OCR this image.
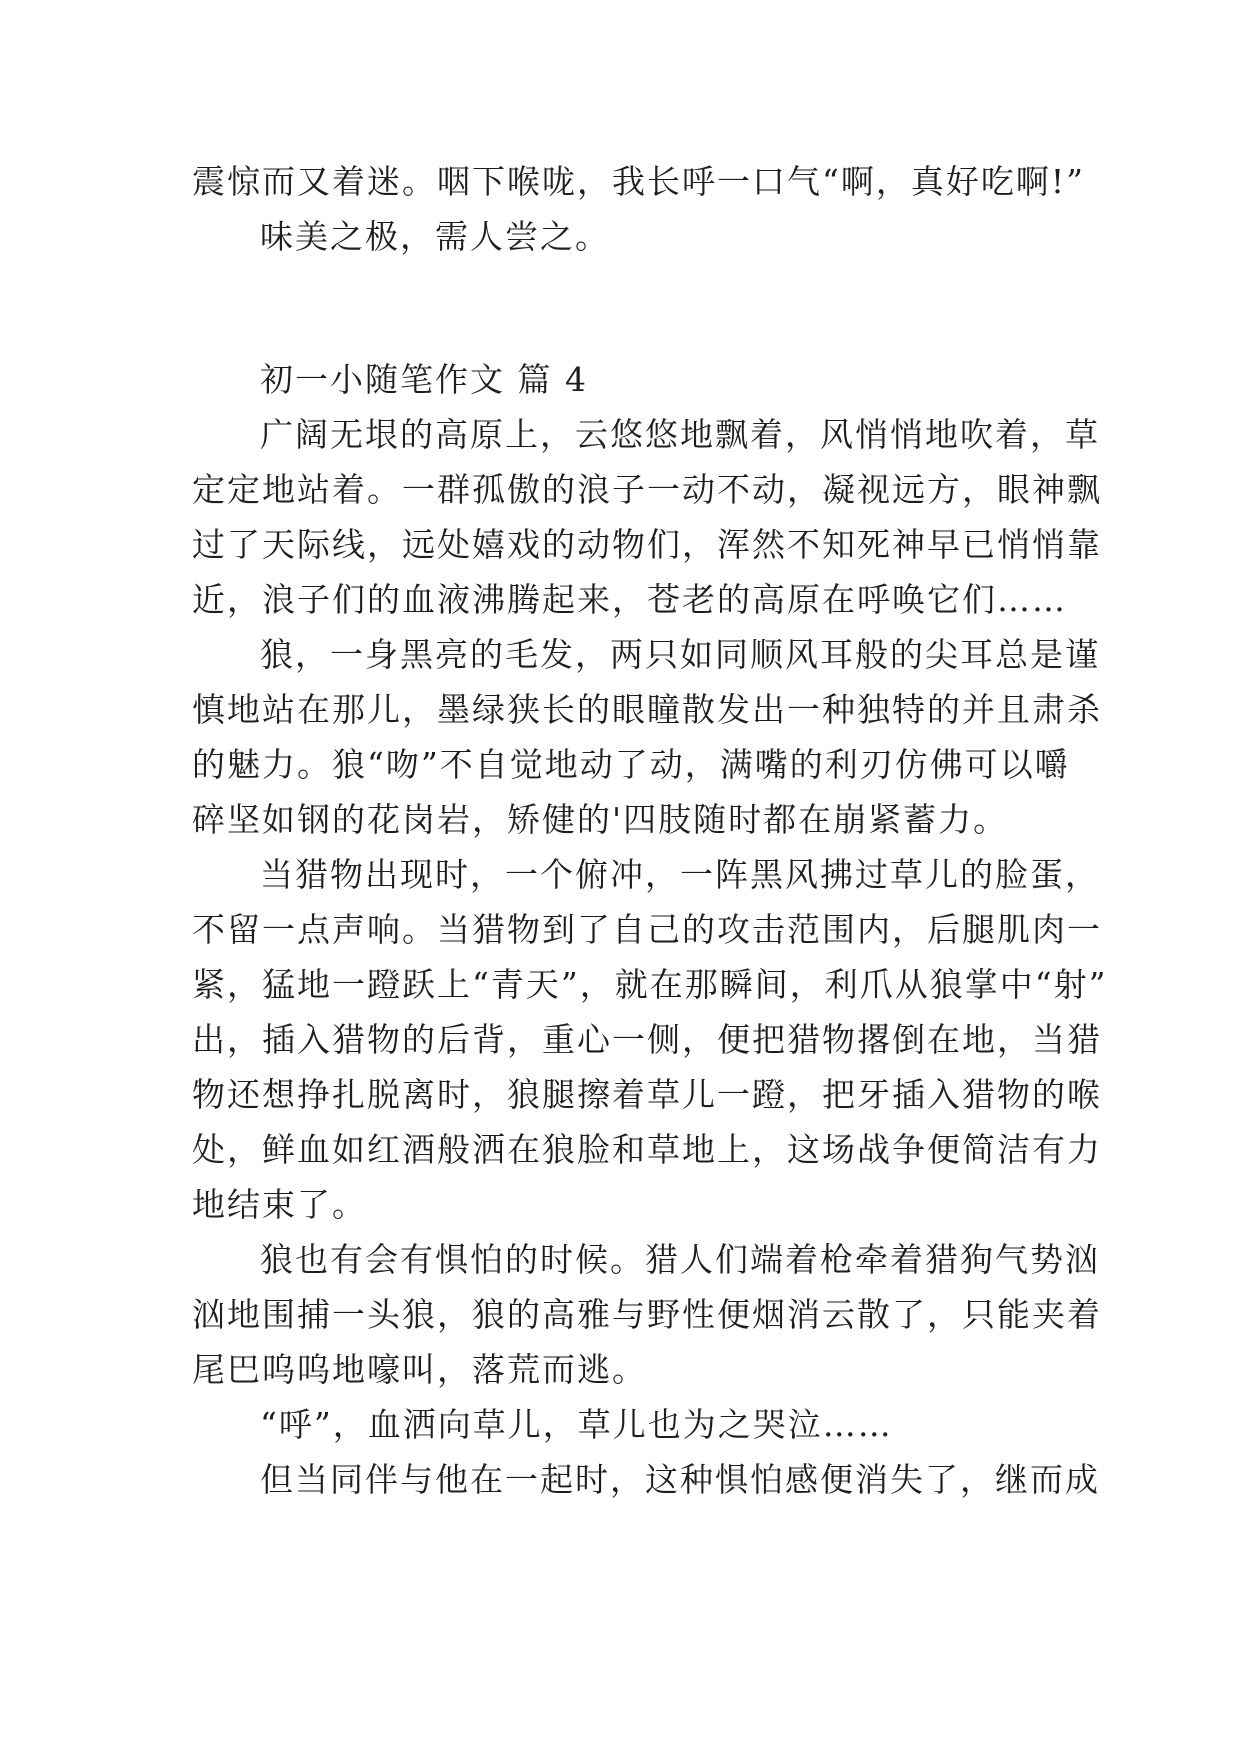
震惊而又着迷。咽下喉咙，我长呼一口气“啊，真好吃啊!”

味美之极，需人尝之。

初一小随笔作文 篇 4

广阔无垠的高原上，云悠悠地飘着，风悄悄地吹着，草
定定地站着。一群孤傲的浪子一动不动，凝视远方，眼神飘
过了天际线，远处嬉戏的动物们，浑然不知死神早已悄悄靠
近，浪子们的血液沸腾起来，苍老的高原在呼唤它们……

狼，一身黑亮的毛发，两只如同顺风耳般的尖耳总是谨
慎地站在那儿，墨绿狭长的眼瞳散发出一种独特的并且肃杀
的魅力。狼“吻”不自觉地动了动，满嘴的利刃仿佛可以嚼
碎坚如钢的花岗岩，矫健的'四肢随时都在崩紧蓄力。

当猎物出现时，一个俯冲，一阵黑风拂过草儿的脸蛋，
不留一点声响。当猎物到了自己的攻击范围内，后腿肌肉一
紧，猛地一蹬跃上“青天”，就在那瞬间，利爪从狼掌中“射”
出，插入猎物的后背，重心一侧，便把猎物撂倒在地，当猎
物还想挣扎脱离时，狼腿擦着草儿一蹬，把牙插入猎物的喉
处，鲜血如红酒般洒在狼脸和草地上，这场战争便简洁有力
地结束了。

狼也有会有惧怕的时候。猎人们端着枪牵着猎狗气势汹
汹地围捕一头狼，狼的高雅与野性便烟消云散了，只能夹着
尾巴呜呜地嚎叫，落荒而逃。

“呼”，血洒向草儿，草儿也为之哭泣……

但当同伴与他在一起时，这种惧怕感便消失了，继而成
